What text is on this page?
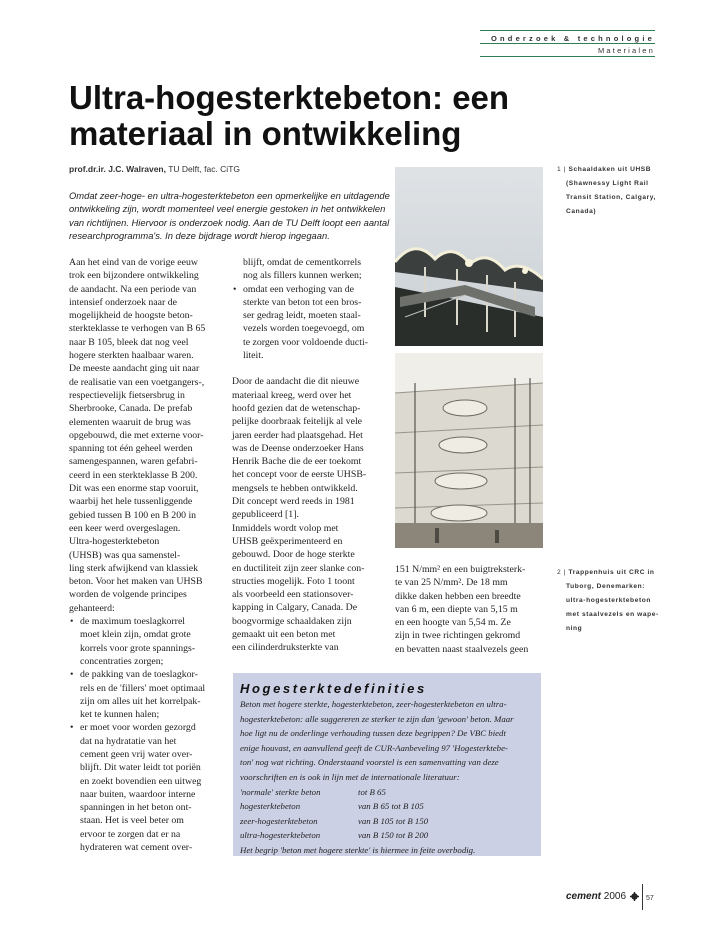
Onderzoek & technologie
Materialen
Ultra-hogesterktebeton: een
materiaal in ontwikkeling
prof.dr.ir. J.C. Walraven, TU Delft, fac. CiTG
Omdat zeer-hoge- en ultra-hogesterktebeton een opmerkelijke en uitdagende
ontwikkeling zijn, wordt momenteel veel energie gestoken in het ontwikkelen
van richtlijnen. Hiervoor is onderzoek nodig. Aan de TU Delft loopt een aantal
researchprogramma's. In deze bijdrage wordt hierop ingegaan.
Aan het eind van de vorige eeuw
trok een bijzondere ontwikkeling
de aandacht. Na een periode van
intensief onderzoek naar de
mogelijkheid de hoogste beton-
sterkteklasse te verhogen van B 65
naar B 105, bleek dat nog veel
hogere sterkten haalbaar waren.
De meeste aandacht ging uit naar
de realisatie van een voetgangers-,
respectievelijk fietsersbrug in
Sherbrooke, Canada. De prefab
elementen waaruit de brug was
opgebouwd, die met externe voor-
spanning tot één geheel werden
samengespannen, waren gefabri-
ceerd in een sterkteklasse B 200.
Dit was een enorme stap vooruit,
waarbij het hele tussenliggende
gebied tussen B 100 en B 200 in
een keer werd overgeslagen.
Ultra-hogesterktebeton
(UHSB) was qua samenstel-
ling sterk afwijkend van klassiek
beton. Voor het maken van UHSB
worden de volgende principes
gehanteerd:
• de maximum toeslagkorrel
moet klein zijn, omdat grote
korrels voor grote spannings-
concentraties zorgen;
• de pakking van de toeslagkor-
rels en de 'fillers' moet optimaal
zijn om alles uit het korrelpak-
ket te kunnen halen;
• er moet voor worden gezorgd
dat na hydratatie van het
cement geen vrij water over-
blijft. Dit water leidt tot poriën
en zoekt bovendien een uitweg
naar buiten, waardoor interne
spanningen in het beton ont-
staan. Het is veel beter om
ervoor te zorgen dat er na
hydrateren wat cement over-
blijft, omdat de cementkorrels
nog als fillers kunnen werken;
• omdat een verhoging van de
sterkte van beton tot een bros-
ser gedrag leidt, moeten staal-
vezels worden toegevoegd, om
te zorgen voor voldoende ducti-
liteit.
Door de aandacht die dit nieuwe
materiaal kreeg, werd over het
hoofd gezien dat de wetenschap-
pelijke doorbraak feitelijk al vele
jaren eerder had plaatsgehad. Het
was de Deense onderzoeker Hans
Henrik Bache die de eer toekomt
het concept voor de eerste UHSB-
mengsels te hebben ontwikkeld.
Dit concept werd reeds in 1981
gepubliceerd [1].
Inmiddels wordt volop met
UHSB geëxperimenteerd en
gebouwd. Door de hoge sterkte
en ductiliteit zijn zeer slanke con-
structies mogelijk. Foto 1 toont
als voorbeeld een stationsover-
kapping in Calgary, Canada. De
boogvormige schaaldaken zijn
gemaakt uit een beton met
een cilinderdruksterkte van
151 N/mm² en een buigtreksterk-
te van 25 N/mm². De 18 mm
dikke daken hebben een breedte
van 6 m, een diepte van 5,15 m
en een hoogte van 5,54 m. Ze
zijn in twee richtingen gekromd
en bevatten naast staalvezels geen
1 | Schaaldaken uit UHSB
(Shawnessy Light Rail
Transit Station, Calgary,
Canada)
2 | Trappenhuis uit CRC in
Tuborg, Denemarken:
ultra-hogesterktebeton
met staalvezels en wape-
ning
Hogesterktedefinities
Beton met hogere sterkte, hogesterktebeton, zeer-hogesterktebeton en ultra-
hogesterktebeton: alle suggereren ze sterker te zijn dan 'gewoon' beton. Maar
hoe ligt nu de onderlinge verhouding tussen deze begrippen? De VBC biedt
enige houvast, en aanvullend geeft de CUR-Aanbeveling 97 'Hogesterktebe-
ton' nog wat richting. Onderstaand voorstel is een samenvatting van deze
voorschriften en is ook in lijn met de internationale literatuur:
'normale' sterkte beton	tot B 65
hogesterktebeton	van B 65 tot B 105
zeer-hogesterktebeton	van B 105 tot B 150
ultra-hogesterktebeton	van B 150 tot B 200
Het begrip 'beton met hogere sterkte' is hiermee in feite overbodig.
cement 2006	57
